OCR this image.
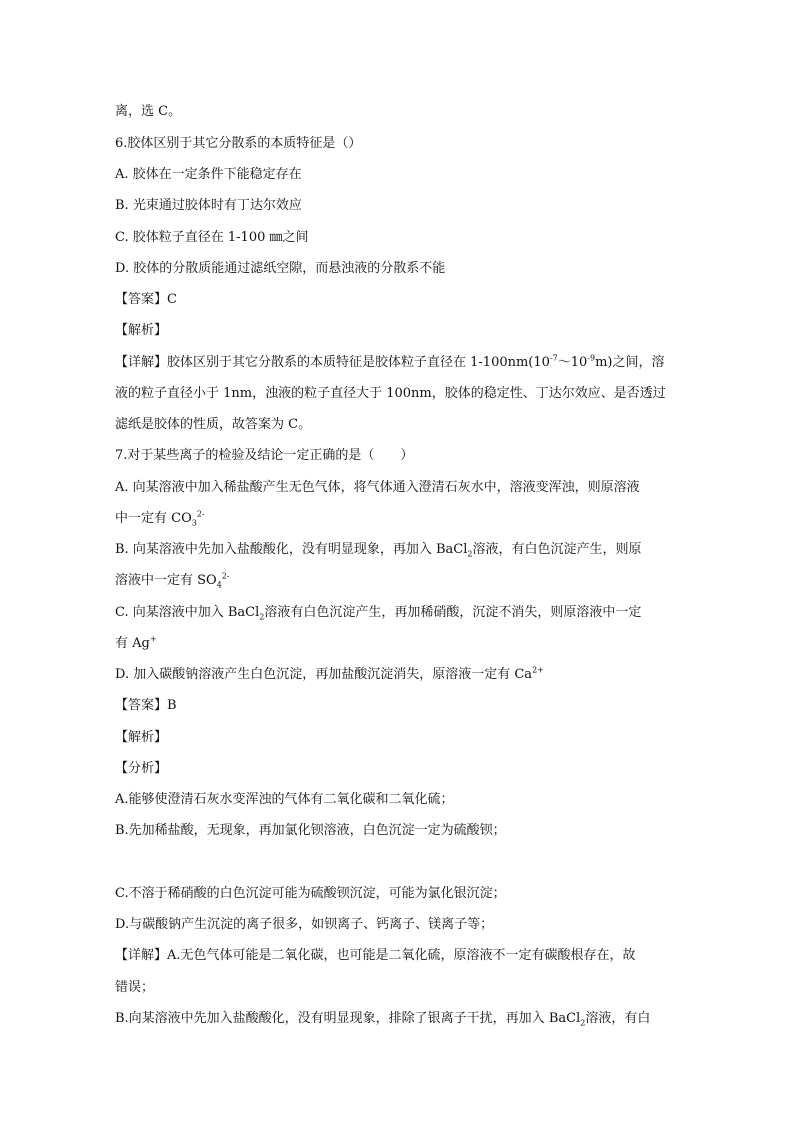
离，选 C。
6.胶体区别于其它分散系的本质特征是（）
A. 胶体在一定条件下能稳定存在
B. 光束通过胶体时有丁达尔效应
C. 胶体粒子直径在 1-100 ㎜之间
D. 胶体的分散质能通过滤纸空隙，而悬浊液的分散系不能
【答案】C
【解析】
【详解】胶体区别于其它分散系的本质特征是胶体粒子直径在 $1-100nm(10^{-7}\sim 10^{-9}m)$之间，溶
液的粒子直径小于 1nm，浊液的粒子直径大于 100nm，胶体的稳定性、丁达尔效应、是否透过
滤纸是胶体的性质，故答案为 C。
7.对于某些离子的检验及结论一定正确的是（　　）
A. 向某溶液中加入稀盐酸产生无色气体，将气体通入澄清石灰水中，溶液变浑浊，则原溶液
中一定有 $CO_3^{2-}$
B. 向某溶液中先加入盐酸酸化，没有明显现象，再加入 BaCl$_2$溶液，有白色沉淀产生，则原
溶液中一定有 $SO_4^{2-}$
C. 向某溶液中加入 BaCl$_2$溶液有白色沉淀产生，再加稀硝酸，沉淀不消失，则原溶液中一定
有 Ag+
D. 加入碳酸钠溶液产生白色沉淀，再加盐酸沉淀消失，原溶液一定有 $Ca^{2+}$
【答案】B
【解析】
【分析】
A.能够使澄清石灰水变浑浊的气体有二氧化碳和二氧化硫；
B.先加稀盐酸，无现象，再加氯化钡溶液，白色沉淀一定为硫酸钡；
C.不溶于稀硝酸的白色沉淀可能为硫酸钡沉淀，可能为氯化银沉淀；
D.与碳酸钠产生沉淀的离子很多，如钡离子、钙离子、镁离子等；
【详解】A.无色气体可能是二氧化碳，也可能是二氧化硫，原溶液不一定有碳酸根存在，故
错误；
B.向某溶液中先加入盐酸酸化，没有明显现象，排除了银离子干扰，再加入 BaCl$_2$溶液，有白
